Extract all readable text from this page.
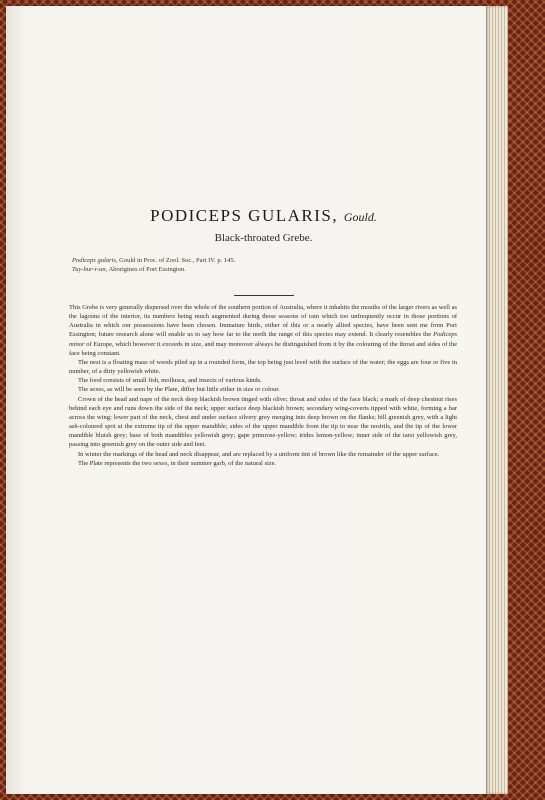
PODICEPS GULARIS, Gould.
Black-throated Grebe.
Podiceps gularis, Gould in Proc. of Zool. Soc., Part IV. p. 145.
Tuy-bur-r-un, Aborigines of Port Essington.

This Grebe is very generally dispersed over the whole of the southern portion of Australia, where it inhabits the mouths of the larger rivers as well as the lagoons of the interior, its numbers being much augmented during those seasons of rain which too unfrequently occur in those portions of Australia in which our possessions have been chosen. Immature birds, either of this or a nearly allied species, have been sent me from Port Essington; future research alone will enable us to say how far to the north the range of this species may extend. It clearly resembles the Podiceps minor of Europe, which however it exceeds in size, and may moreover always be distinguished from it by the colouring of the throat and sides of the face being constant.

The nest is a floating mass of weeds piled up in a rounded form, the top being just level with the surface of the water; the eggs are four or five in number, of a dirty yellowish white.

The food consists of small fish, mollusca, and insects of various kinds.

The sexes, as will be seen by the Plate, differ but little either in size or colour.

Crown of the head and nape of the neck deep blackish brown tinged with olive; throat and sides of the face black; a mark of deep chestnut rises behind each eye and runs down the side of the neck; upper surface deep blackish brown; secondary wing-coverts tipped with white, forming a bar across the wing; lower part of the neck, chest and under surface silvery grey merging into deep brown on the flanks; bill greenish grey, with a light ash-coloured spot at the extreme tip of the upper mandible; sides of the upper mandible from the tip to near the nostrils, and the tip of the lower mandible bluish grey; base of both mandibles yellowish grey; gape primrose-yellow; irides lemon-yellow; inner side of the tarsi yellowish grey, passing into greenish grey on the outer side and feet.

In winter the markings of the head and neck disappear, and are replaced by a uniform tint of brown like the remainder of the upper surface.

The Plate represents the two sexes, in their summer garb, of the natural size.
